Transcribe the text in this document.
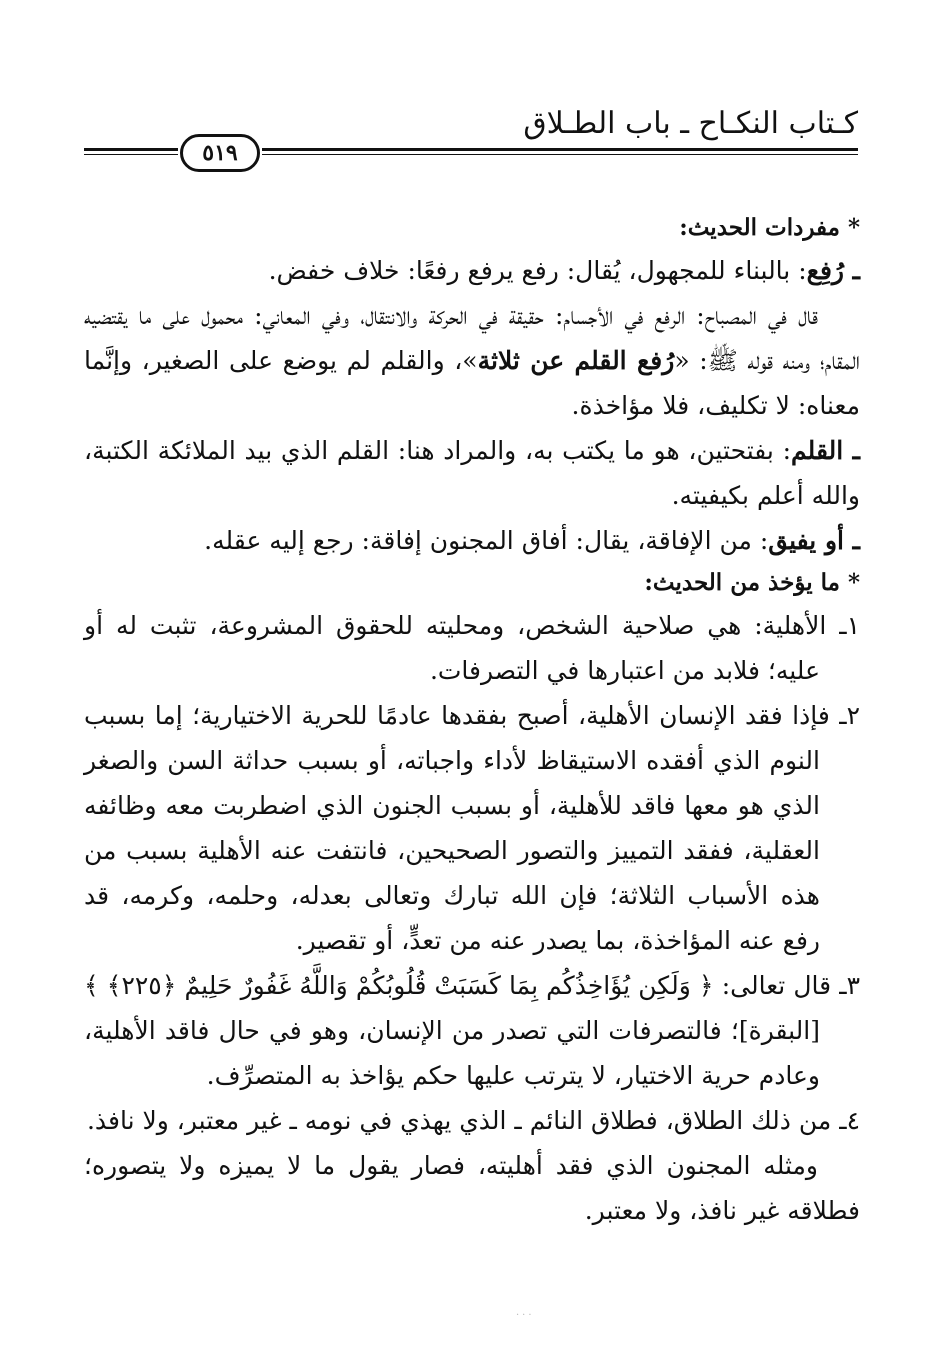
كـتاب النكـاح ـ باب الطـلاق
٥١٩

* مفردات الحديث:

ـ رُفِع: بالبناء للمجهول، يُقال: رفع يرفع رفعًا: خلاف خفض.

قال في المصباح: الرفع في الأجسام: حقيقة في الحركة والانتقال، وفي المعاني: محمول على ما يقتضيه المقام؛ ومنه قوله ﷺ: «رُفع القلم عن ثلاثة»، والقلم لم يوضع على الصغير، وإنَّما معناه: لا تكليف، فلا مؤاخذة.

ـ القلم: بفتحتين، هو ما يكتب به، والمراد هنا: القلم الذي بيد الملائكة الكتبة، والله أعلم بكيفيته.

ـ أو يفيق: من الإفاقة، يقال: أفاق المجنون إفاقة: رجع إليه عقله.

* ما يؤخذ من الحديث:

١ـ الأهلية: هي صلاحية الشخص، ومحليته للحقوق المشروعة، تثبت له أو عليه؛ فلابد من اعتبارها في التصرفات.

٢ـ فإذا فقد الإنسان الأهلية، أصبح بفقدها عادمًا للحرية الاختيارية؛ إما بسبب النوم الذي أفقده الاستيقاظ لأداء واجباته، أو بسبب حداثة السن والصغر الذي هو معها فاقد للأهلية، أو بسبب الجنون الذي اضطربت معه وظائفه العقلية، ففقد التمييز والتصور الصحيحين، فانتفت عنه الأهلية بسبب من هذه الأسباب الثلاثة؛ فإن الله تبارك وتعالى بعدله، وحلمه، وكرمه، قد رفع عنه المؤاخذة، بما يصدر عنه من تعدٍّ، أو تقصير.

٣ـ قال تعالى: ﴿ وَلَكِن يُؤَاخِذُكُم بِمَا كَسَبَتْ قُلُوبُكُمْ وَاللَّهُ غَفُورٌ حَلِيمٌ ﴿٢٢٥﴾ ﴾ [البقرة]؛ فالتصرفات التي تصدر من الإنسان، وهو في حال فاقد الأهلية، وعادم حرية الاختيار، لا يترتب عليها حكم يؤاخذ به المتصرِّف.

٤ـ من ذلك الطلاق، فطلاق النائم ـ الذي يهذي في نومه ـ غير معتبر، ولا نافذ.

ومثله المجنون الذي فقد أهليته، فصار يقول ما لا يميزه ولا يتصوره؛ فطلاقه غير نافذ، ولا معتبر.

···
